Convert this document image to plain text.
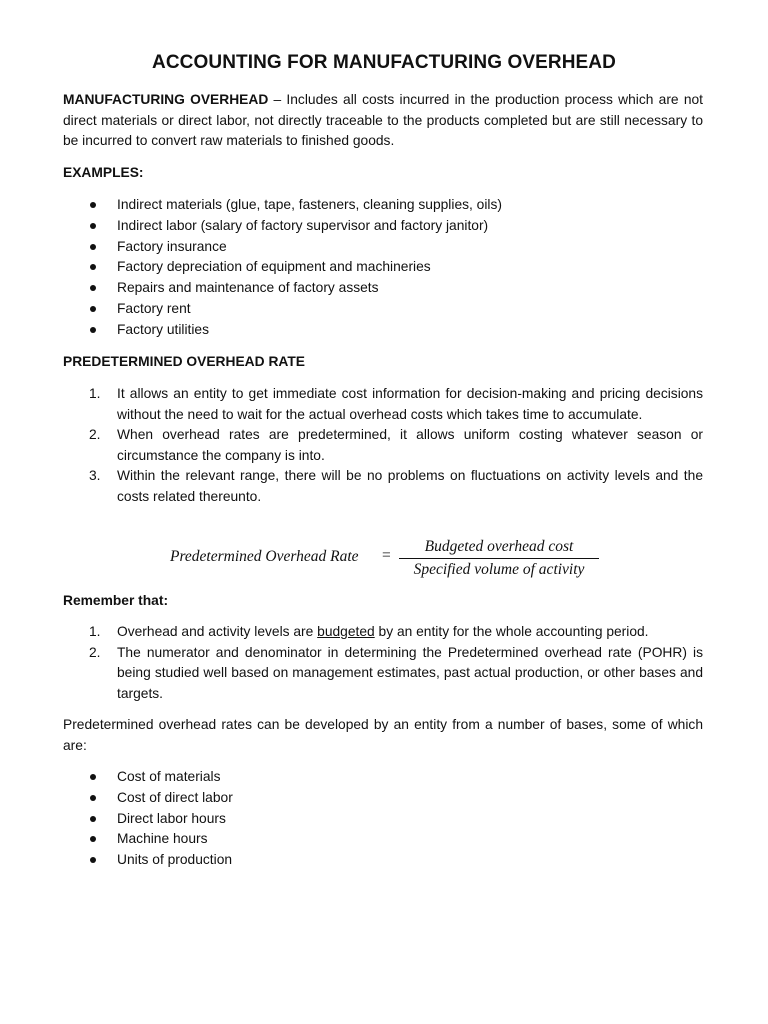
ACCOUNTING FOR MANUFACTURING OVERHEAD
MANUFACTURING OVERHEAD – Includes all costs incurred in the production process which are not direct materials or direct labor, not directly traceable to the products completed but are still necessary to be incurred to convert raw materials to finished goods.
EXAMPLES:
Indirect materials (glue, tape, fasteners, cleaning supplies, oils)
Indirect labor (salary of factory supervisor and factory janitor)
Factory insurance
Factory depreciation of equipment and machineries
Repairs and maintenance of factory assets
Factory rent
Factory utilities
PREDETERMINED OVERHEAD RATE
1. It allows an entity to get immediate cost information for decision-making and pricing decisions without the need to wait for the actual overhead costs which takes time to accumulate.
2. When overhead rates are predetermined, it allows uniform costing whatever season or circumstance the company is into.
3. Within the relevant range, there will be no problems on fluctuations on activity levels and the costs related thereunto.
Predetermined Overhead Rate =
Budgeted overhead cost
Specified volume of activity
Remember that:
1. Overhead and activity levels are budgeted by an entity for the whole accounting period.
2. The numerator and denominator in determining the Predetermined overhead rate (POHR) is being studied well based on management estimates, past actual production, or other bases and targets.
Predetermined overhead rates can be developed by an entity from a number of bases, some of which are:
Cost of materials
Cost of direct labor
Direct labor hours
Machine hours
Units of production
